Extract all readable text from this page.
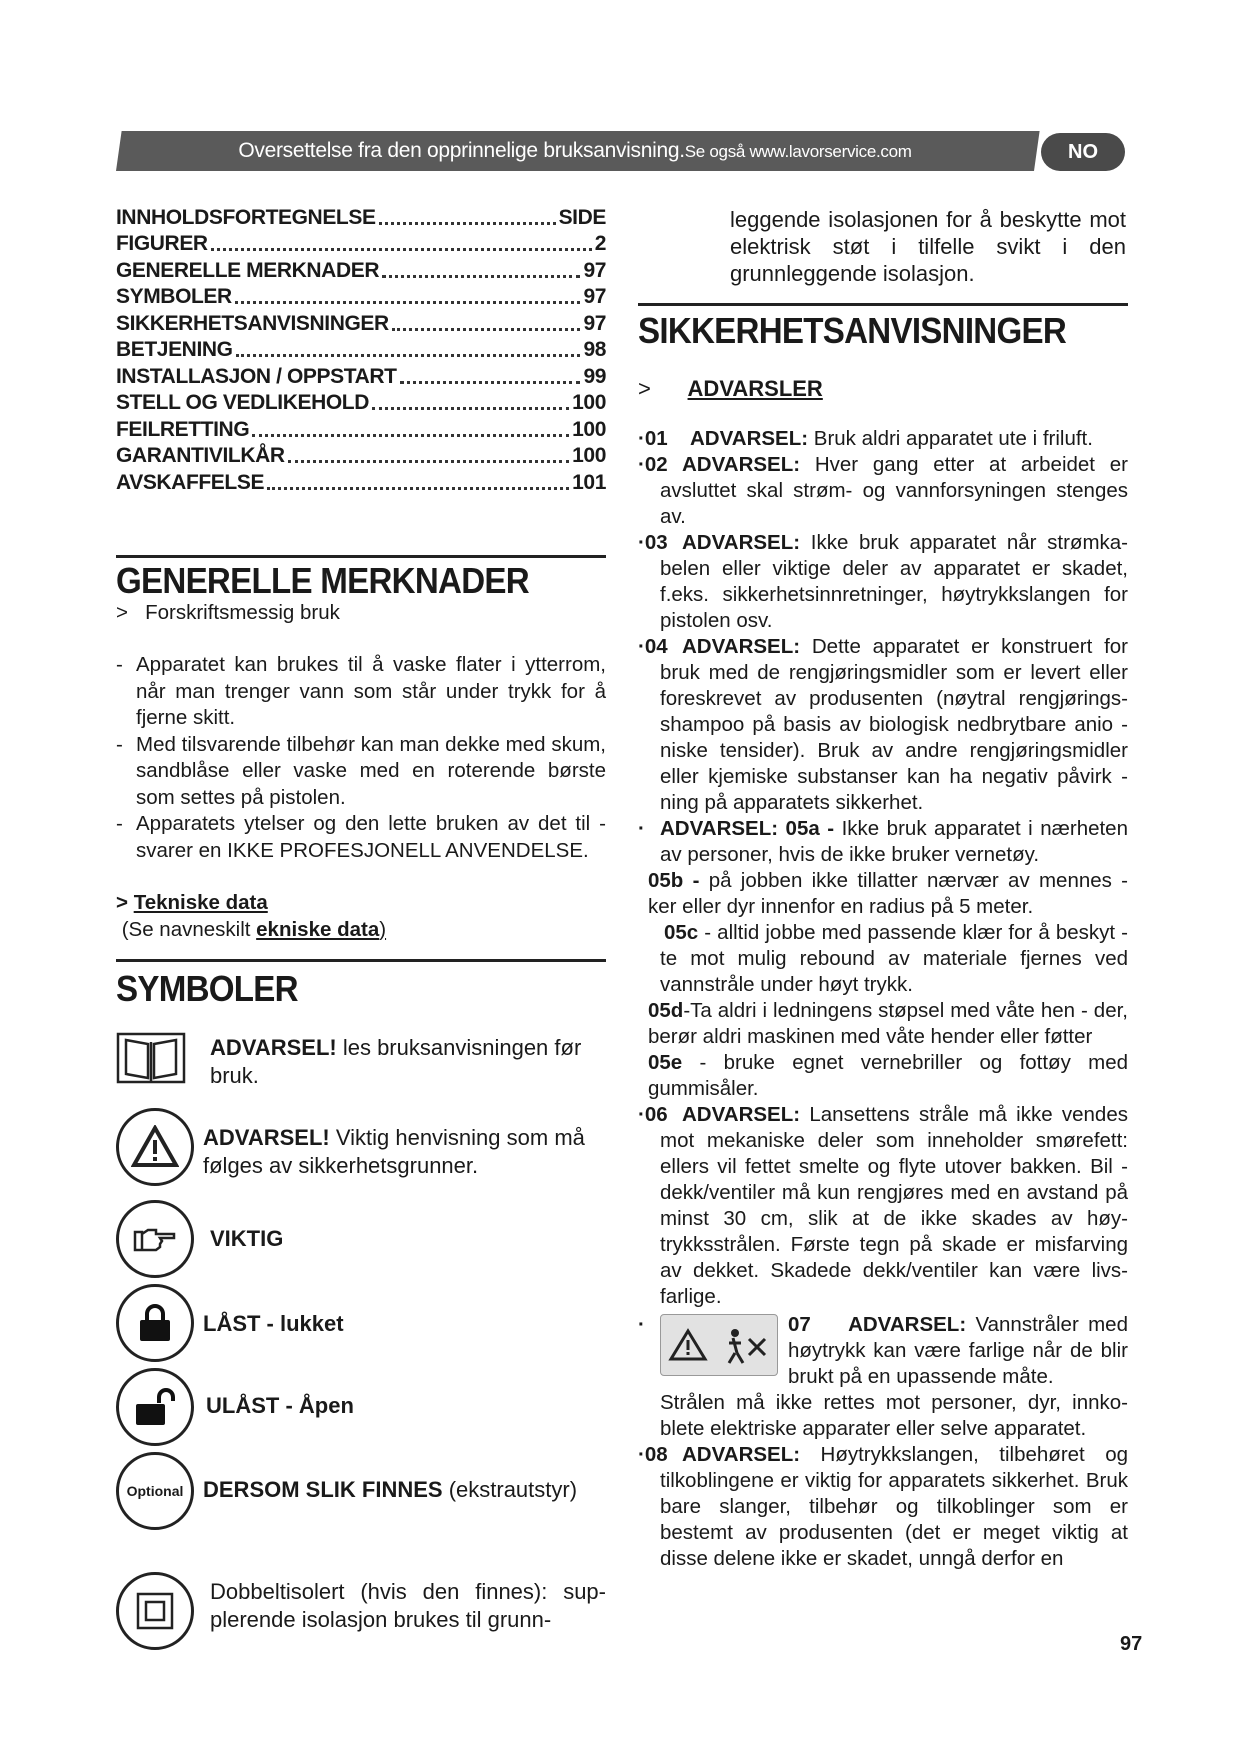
Oversettelse fra den opprinnelige bruksanvisning.Se også www.lavorservice.com	NO
INNHOLDSFORTEGNELSE	SIDE
FIGURER	2
GENERELLE MERKNADER	97
SYMBOLER	97
SIKKERHETSANVISNINGER	97
BETJENING	98
INSTALLASJON / OPPSTART	99
STELL OG VEDLIKEHOLD	100
FEILRETTING	100
GARANTIVILKÅR	100
AVSKAFFELSE	101
GENERELLE MERKNADER
> Forskriftsmessig bruk
- Apparatet kan brukes til å vaske flater i ytterrom, når man trenger vann som står under trykk for å fjerne skitt.
- Med tilsvarende tilbehør kan man dekke med skum, sandblåse eller vaske med en roterende børste som settes på pistolen.
- Apparatets ytelser og den lette bruken av det til - svarer en IKKE PROFESJONELL ANVENDELSE.
> Tekniske data
(Se navneskilt ekniske data)
SYMBOLER
ADVARSEL! les bruksanvisningen før bruk.
ADVARSEL! Viktig henvisning som må følges av sikkerhetsgrunner.
VIKTIG
LÅST - lukket
ULÅST - Åpen
Optional DERSOM SLIK FINNES (ekstrautstyr)
Dobbeltisolert (hvis den finnes): sup- plerende isolasjon brukes til grunn-
leggende isolasjonen for å beskytte mot elektrisk støt i tilfelle svikt i den grunnleggende isolasjon.
SIKKERHETSANVISNINGER
> ADVARSLER
·01	ADVARSEL: Bruk aldri apparatet ute i friluft.
·02 ADVARSEL: Hver gang etter at arbeidet er avsluttet skal strøm- og vannforsyningen stenges av.
·03 ADVARSEL: Ikke bruk apparatet når strømka- belen eller viktige deler av apparatet er skadet, f.eks. sikkerhetsinnretninger, høytrykkslangen for pistolen osv.
·04 ADVARSEL: Dette apparatet er konstruert for bruk med de rengjøringsmidler som er levert eller foreskrevet av produsenten (nøytral rengjørings- shampoo på basis av biologisk nedbrytbare anio - niske tensider). Bruk av andre rengjøringsmidler eller kjemiske substanser kan ha negativ påvirk - ning på apparatets sikkerhet.
· ADVARSEL: 05a - Ikke bruk apparatet i nærheten av personer, hvis de ikke bruker vernetøy.
05b - på jobben ikke tillatter nærvær av mennes - ker eller dyr innenfor en radius på 5 meter.
05c - alltid jobbe med passende klær for å beskyt - te mot mulig rebound av materiale fjernes ved vannstråle under høyt trykk.
05d-Ta aldri i ledningens støpsel med våte hen - der, berør aldri maskinen med våte hender eller føtter
05e - bruke egnet vernebriller og fottøy med gummisåler.
·06 ADVARSEL: Lansettens stråle må ikke vendes mot mekaniske deler som inneholder smørefett: ellers vil fettet smelte og flyte utover bakken. Bil - dekk/ventiler må kun rengjøres med en avstand på minst 30 cm, slik at de ikke skades av høy- trykksstrålen. Første tegn på skade er misfarving av dekket. Skadede dekk/ventiler kan være livs- farlige.
·	07 ADVARSEL: Vannstråler med høytrykk kan være farlige når de blir brukt på en upassende måte.
Strålen må ikke rettes mot personer, dyr, innko- blete elektriske apparater eller selve apparatet.
·08 ADVARSEL: Høytrykkslangen, tilbehøret og tilkoblingene er viktig for apparatets sikkerhet. Bruk bare slanger, tilbehør og tilkoblinger som er bestemt av produsenten (det er meget viktig at disse delene ikke er skadet, unngå derfor en
97
